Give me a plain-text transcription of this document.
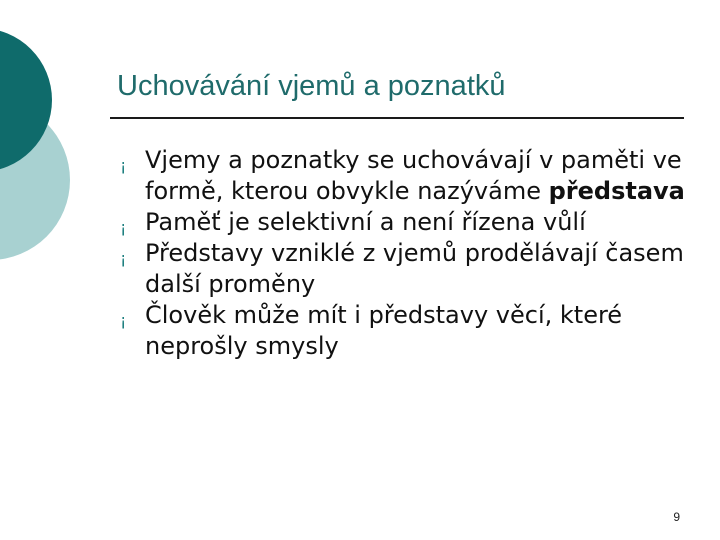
Uchovávání vjemů a poznatků
¡ Vjemy a poznatky se uchovávají v paměti ve formě, kterou obvykle nazýváme představa
¡ Paměť je selektivní a není řízena vůlí
¡ Představy vzniklé z vjemů prodělávají časem další proměny
¡ Člověk může mít i představy věcí, které neprošly smysly
9
